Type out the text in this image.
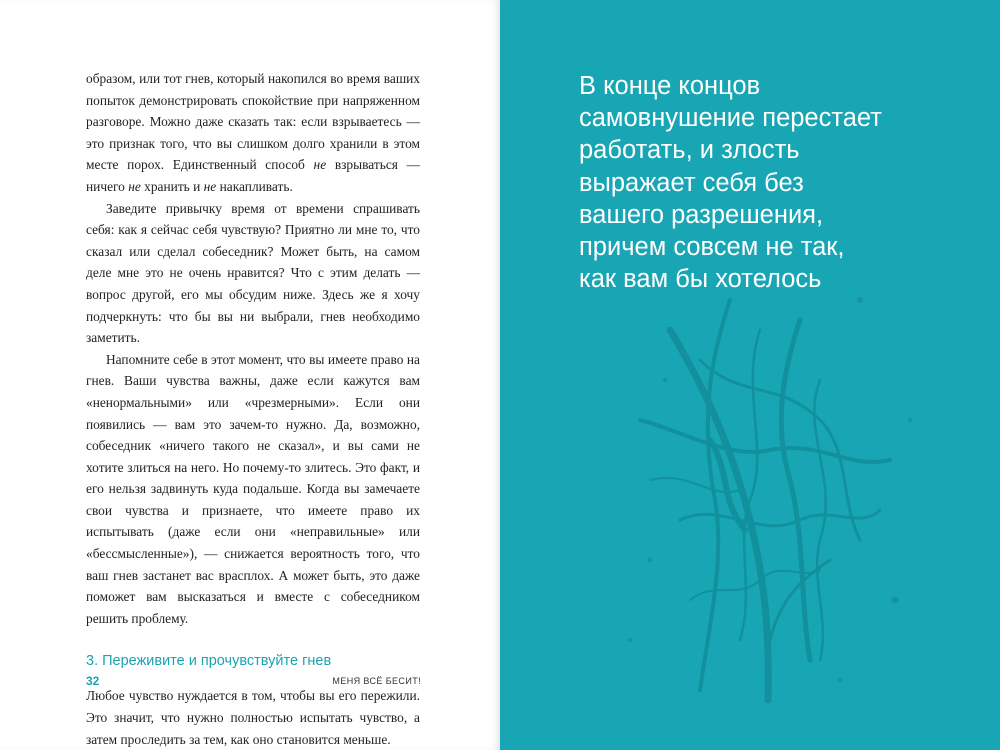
образом, или тот гнев, который накопился во время ваших попыток демонстрировать спокойствие при напряженном разговоре. Можно даже сказать так: если взрываетесь — это признак того, что вы слишком долго хранили в этом месте порох. Единственный способ не взрываться — ничего не хранить и не накапливать.

Заведите привычку время от времени спрашивать себя: как я сейчас себя чувствую? Приятно ли мне то, что сказал или сделал собеседник? Может быть, на самом деле мне это не очень нравится? Что с этим делать — вопрос другой, его мы обсудим ниже. Здесь же я хочу подчеркнуть: что бы вы ни выбрали, гнев необходимо заметить.

Напомните себе в этот момент, что вы имеете право на гнев. Ваши чувства важны, даже если кажутся вам «ненормальными» или «чрезмерными». Если они появились — вам это зачем-то нужно. Да, возможно, собеседник «ничего такого не сказал», и вы сами не хотите злиться на него. Но почему-то злитесь. Это факт, и его нельзя задвинуть куда подальше. Когда вы замечаете свои чувства и признаете, что имеете право их испытывать (даже если они «неправильные» или «бессмысленные»), — снижается вероятность того, что ваш гнев застанет вас врасплох. А может быть, это даже поможет вам высказаться и вместе с собеседником решить проблему.

3. Переживите и прочувствуйте гнев

Любое чувство нуждается в том, чтобы вы его пережили. Это значит, что нужно полностью испытать чувство, а затем проследить за тем, как оно становится меньше.

32	МЕНЯ ВСЁ БЕСИТ!
В конце концов
самовнушение перестает
работать, и злость
выражает себя без
вашего разрешения,
причем совсем не так,
как вам бы хотелось
